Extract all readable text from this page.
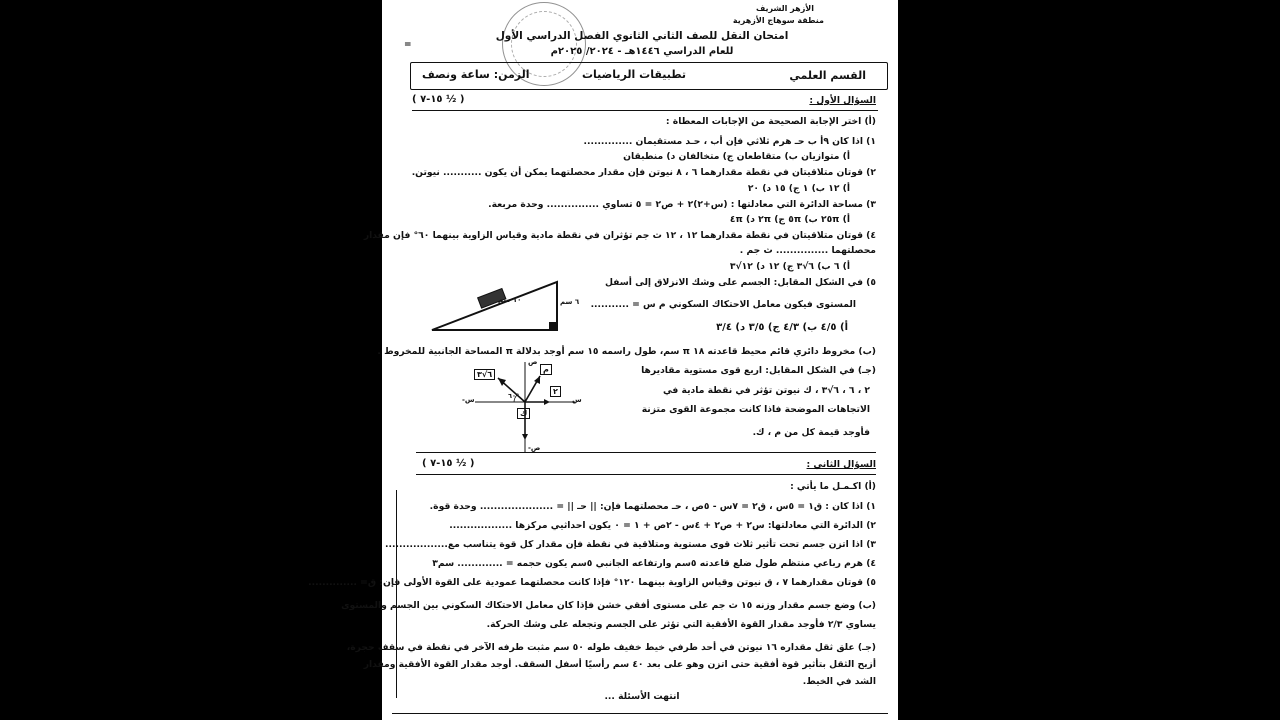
الأزهر الشريف
منطقة سوهاج الأزهرية
امتحان النقل للصف الثاني الثانوي الفصل الدراسي الأول
للعام الدراسي ١٤٤٦هـ - ٢٠٢٤/ ٢٠٢٥م
=
القسم العلمي
تطبيقات الرياضيات
الزمن: ساعة ونصف
السؤال الأول :
( ١٥-٧ ½ )
(أ) اختر الإجابة الصحيحة من الإجابات المعطاة :
١) اذا كان ٩أ ب حـ هرم ثلاثي فإن أب ، حـد مستقيمان ..............
أ) متوازيان ب) متقاطعان ج) متخالفان د) منطبقان
٢) قوتان متلاقيتان في نقطة مقدارهما ٦ ، ٨ نيوتن فإن مقدار محصلتهما يمكن أن يكون ........... نيوتن.
أ) ١٢ ب) ١ ج) ١٥ د) ٢٠
٣) مساحة الدائرة التي معادلتها : (س+٢)٢ + ص٢ = ٥ تساوي ............... وحدة مربعة.
أ) ٢٥π ب) ٥π ج) ٢π د) ٤π
٤) قوتان متلاقيتان في نقطة مقدارهما ١٢ ، ١٢ ث جم تؤثران في نقطة مادية وقياس الزاوية بينهما ٦٠° فإن مقدار
محصلتهما ............... ث جم .
أ) ٦ ب) ٦√٣ ج) ١٢ د) ١٢√٣
٥) في الشكل المقابل: الجسم على وشك الانزلاق إلى أسفل
المستوى فيكون معامل الاحتكاك السكوني م س = ...........
أ) ٤/٥ ب) ٤/٣ ج) ٣/٥ د) ٣/٤
١٠ سم	٦ سم
(ب) مخروط دائري قائم محيط قاعدته ١٨ π سم، طول راسمه ١٥ سم أوجد بدلالة π المساحة الجانبية للمخروط .
(جـ) في الشكل المقابل: اربع قوى مستوية مقاديرها
٢ ، ٦ ، ٦√٣ ، ك نيوتن تؤثر في نقطة مادية في
الاتجاهات الموضحة فاذا كانت مجموعة القوى متزنة
فأوجد قيمة كل من م ، ك.
٦√٣
م
٢
ك
س
س-
ص
ص-
٦٠°
السؤال الثاني :
( ١٥-٧ ½ )
(أ) اكـمـل ما يأتي :
١) اذا كان : ق١ = ٥س ، ق٢ = ٧س - ٥ص ، حـ محصلتهما فإن: || حـ || = ..................... وحدة قوة.
٢) الدائرة التي معادلتها: س٢ + ص٢ + ٤س - ٢ص + ١ = ٠ يكون احداثيي مركزها ..................
٣) اذا اتزن جسم تحت تأثير ثلاث قوى مستوية ومتلاقية في نقطة فإن مقدار كل قوة يتناسب مع..................
٤) هرم رباعي منتظم طول ضلع قاعدته ٥سم وارتفاعه الجانبي ٥سم يكون حجمه = ............. سم٣
٥) قوتان مقدارهما ٧ ، ق نيوتن وقياس الزاوية بينهما ١٢٠° فإذا كانت محصلتهما عمودية على القوة الأولى فإن: ق= ..............
(ب) وضع جسم مقدار وزنه ١٥ ث جم على مستوى أفقي خشن فإذا كان معامل الاحتكاك السكوني بين الجسم والمستوى
يساوي ٢/٣ فأوجد مقدار القوة الأفقية التي تؤثر على الجسم وتجعله على وشك الحركة.
(جـ) علق ثقل مقداره ١٦ نيوتن في أحد طرفي خيط خفيف طوله ٥٠ سم مثبت طرفه الآخر في نقطة في سقف حجرة،
أزيح الثقل بتأثير قوة أفقية حتى اتزن وهو على بعد ٤٠ سم رأسيًا أسفل السقف. أوجد مقدار القوة الأفقية ومقدار
الشد في الخيط.
انتهت الأسئلة ...
